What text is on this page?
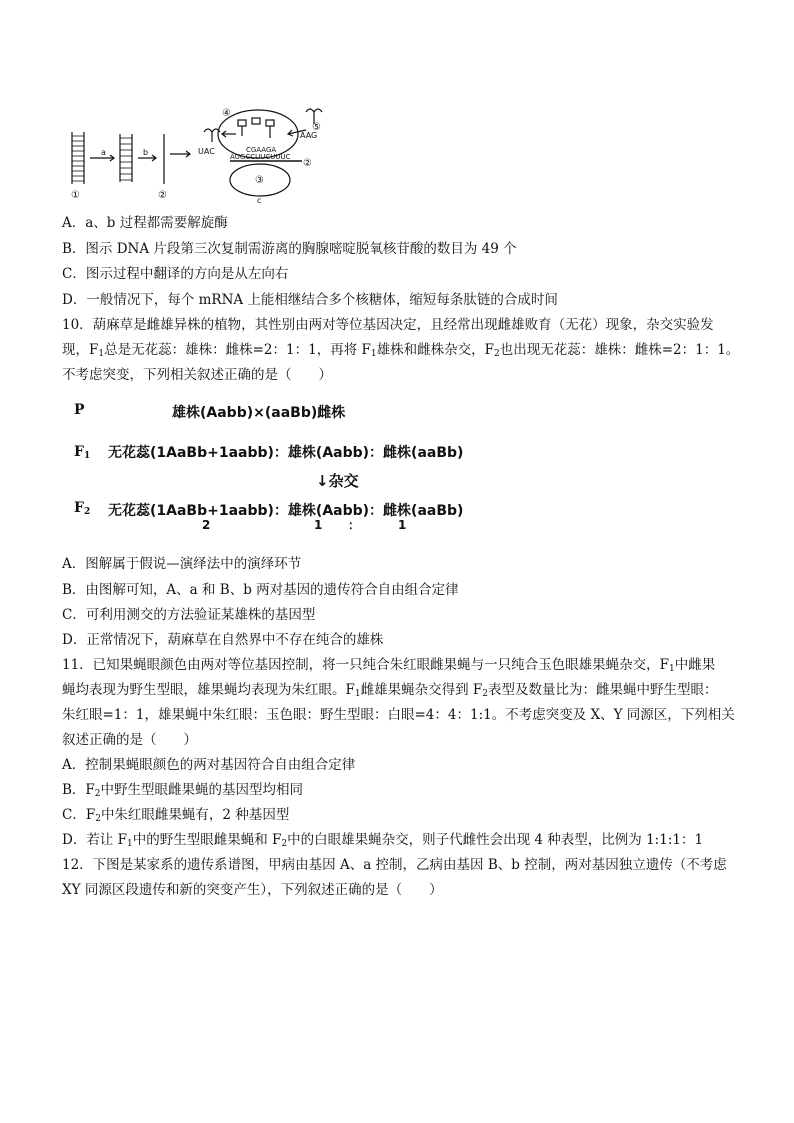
a	b
c
①	②
②
③
④
⑤
UAC
AAG
CGAAGA
AUGCCUUCUUUC
A．a、b 过程都需要解旋酶
B．图示 DNA 片段第三次复制需游离的胸腺嘧啶脱氧核苷酸的数目为 49 个
C．图示过程中翻译的方向是从左向右
D．一般情况下，每个 mRNA 上能相继结合多个核糖体，缩短每条肽链的合成时间
10．葫麻草是雌雄异株的植物，其性别由两对等位基因决定，且经常出现雌雄败育（无花）现象，杂交实验发
现，$F_1$总是无花蕊：雄株：雌株=2：1：1，再将 $F_1$雄株和雌株杂交，$F_2$也出现无花蕊：雄株：雌株=2：1：1。
不考虑突变，下列相关叙述正确的是（　　）
P	雄株(Aabb)×(aaBb)雌株
$F_1$ 无花蕊(1AaBb+1aabb)：雄株(Aabb)：雌株(aaBb)
↓杂交
$F_2$ 无花蕊(1AaBb+1aabb)：雄株(Aabb)：雌株(aaBb)
2	1 ：	1
A．图解属于假说—演绎法中的演绎环节
B．由图解可知，A、a 和 B、b 两对基因的遗传符合自由组合定律
C．可利用测交的方法验证某雄株的基因型
D．正常情况下，葫麻草在自然界中不存在纯合的雄株
11．已知果蝇眼颜色由两对等位基因控制，将一只纯合朱红眼雌果蝇与一只纯合玉色眼雄果蝇杂交，$F_1$中雌果
蝇均表现为野生型眼，雄果蝇均表现为朱红眼。$F_1$雌雄果蝇杂交得到 $F_2$表型及数量比为：雌果蝇中野生型眼：
朱红眼=1：1，雄果蝇中朱红眼：玉色眼：野生型眼：白眼=4：4：1:1。不考虑突变及 X、Y 同源区，下列相关
叙述正确的是（　　）
A．控制果蝇眼颜色的两对基因符合自由组合定律
B．$F_2$中野生型眼雌果蝇的基因型均相同
C．$F_2$中朱红眼雌果蝇有，2 种基因型
D．若让 $F_1$中的野生型眼雌果蝇和 $F_2$中的白眼雄果蝇杂交，则子代雌性会出现 4 种表型，比例为 1:1:1：1
12．下图是某家系的遗传系谱图，甲病由基因 A、a 控制，乙病由基因 B、b 控制，两对基因独立遗传（不考虑
XY 同源区段遗传和新的突变产生），下列叙述正确的是（　　）
